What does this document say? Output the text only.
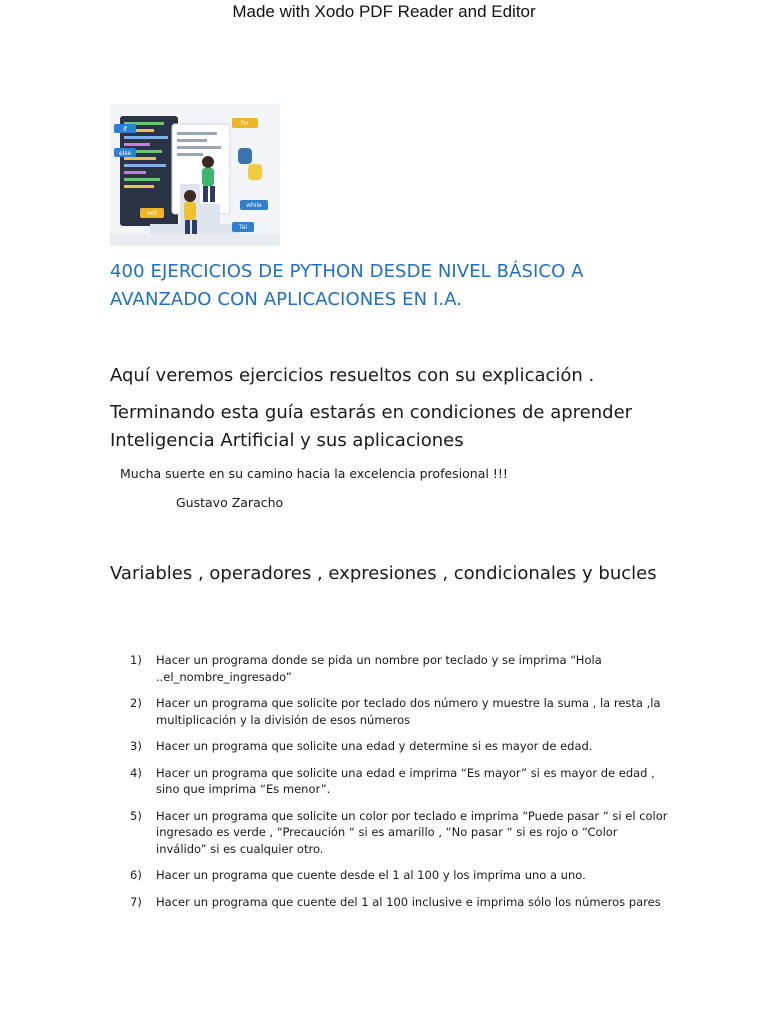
Made with Xodo PDF Reader and Editor
if
else
for
while
Tal
not
400 EJERCICIOS DE PYTHON DESDE NIVEL BÁSICO A AVANZADO CON APLICACIONES EN I.A.
Aquí veremos ejercicios resueltos con su explicación .
Terminando esta guía estarás en condiciones de aprender Inteligencia Artificial y sus aplicaciones
Mucha suerte en su camino hacia la excelencia profesional !!!
Gustavo Zaracho
Variables , operadores , expresiones , condicionales y bucles
1)	Hacer un programa donde se pida un nombre por teclado y se imprima “Hola ..el_nombre_ingresado”
2)	Hacer un programa que solicite por teclado dos número y muestre la suma , la resta ,la multiplicación y la división de esos números
3)	Hacer un programa que solicite una edad y determine si es mayor de edad.
4)	Hacer un programa que solicite una edad e imprima “Es mayor” si es mayor de edad , sino que imprima “Es menor”.
5)	Hacer un programa que solicite un color por teclado e imprima “Puede pasar “ si el color ingresado es verde , “Precaución “ si es amarillo , “No pasar “ si es rojo o “Color inválido” si es cualquier otro.
6)	Hacer un programa que cuente desde el 1 al 100 y los imprima uno a uno.
7)	Hacer un programa que cuente del 1 al 100 inclusive e imprima sólo los números pares
